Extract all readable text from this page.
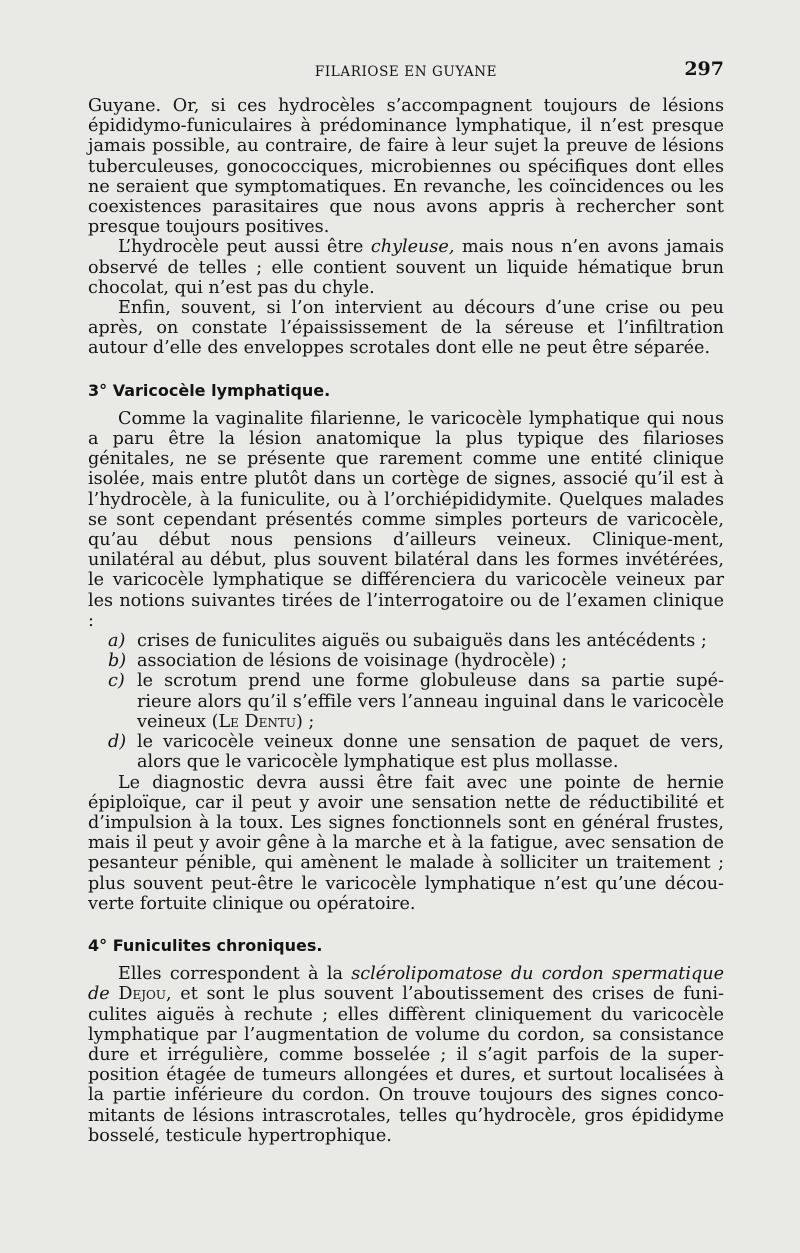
FILARIOSE EN GUYANE	297

Guyane. Or, si ces hydrocèles s’accompagnent toujours de lésions épididymo-funiculaires à prédominance lymphatique, il n’est presque jamais possible, au contraire, de faire à leur sujet la preuve de lésions tuberculeuses, gonococciques, microbiennes ou spécifiques dont elles ne seraient que symptomatiques. En revanche, les coïncidences ou les coexistences parasitaires que nous avons appris à rechercher sont presque toujours positives.

L’hydrocèle peut aussi être chyleuse, mais nous n’en avons jamais observé de telles ; elle contient souvent un liquide hématique brun chocolat, qui n’est pas du chyle.

Enfin, souvent, si l’on intervient au décours d’une crise ou peu après, on constate l’épaississement de la séreuse et l’infiltration autour d’elle des enveloppes scrotales dont elle ne peut être séparée.

3° Varicocèle lymphatique.

Comme la vaginalite filarienne, le varicocèle lymphatique qui nous a paru être la lésion anatomique la plus typique des filarioses génitales, ne se présente que rarement comme une entité clinique isolée, mais entre plutôt dans un cortège de signes, associé qu’il est à l’hydrocèle, à la funiculite, ou à l’orchiépididymite. Quelques malades se sont cependant présentés comme simples porteurs de varicocèle, qu’au début nous pensions d’ailleurs veineux. Clinique-ment, unilatéral au début, plus souvent bilatéral dans les formes invétérées, le varicocèle lymphatique se différenciera du varicocèle veineux par les notions suivantes tirées de l’interrogatoire ou de l’examen clinique :

a) crises de funiculites aiguës ou subaiguës dans les antécédents ;
b) association de lésions de voisinage (hydrocèle) ;
c) le scrotum prend une forme globuleuse dans sa partie supé-rieure alors qu’il s’effile vers l’anneau inguinal dans le varicocèle veineux (Le Dentu) ;
d) le varicocèle veineux donne une sensation de paquet de vers, alors que le varicocèle lymphatique est plus mollasse.

Le diagnostic devra aussi être fait avec une pointe de hernie épiploïque, car il peut y avoir une sensation nette de réductibilité et d’impulsion à la toux. Les signes fonctionnels sont en général frustes, mais il peut y avoir gêne à la marche et à la fatigue, avec sensation de pesanteur pénible, qui amènent le malade à solliciter un traitement ; plus souvent peut-être le varicocèle lymphatique n’est qu’une décou-verte fortuite clinique ou opératoire.

4° Funiculites chroniques.

Elles correspondent à la sclérolipomatose du cordon spermatique de Dejou, et sont le plus souvent l’aboutissement des crises de funi-culites aiguës à rechute ; elles diffèrent cliniquement du varicocèle lymphatique par l’augmentation de volume du cordon, sa consistance dure et irrégulière, comme bosselée ; il s’agit parfois de la super-position étagée de tumeurs allongées et dures, et surtout localisées à la partie inférieure du cordon. On trouve toujours des signes conco-mitants de lésions intrascrotales, telles qu’hydrocèle, gros épididyme bosselé, testicule hypertrophique.
